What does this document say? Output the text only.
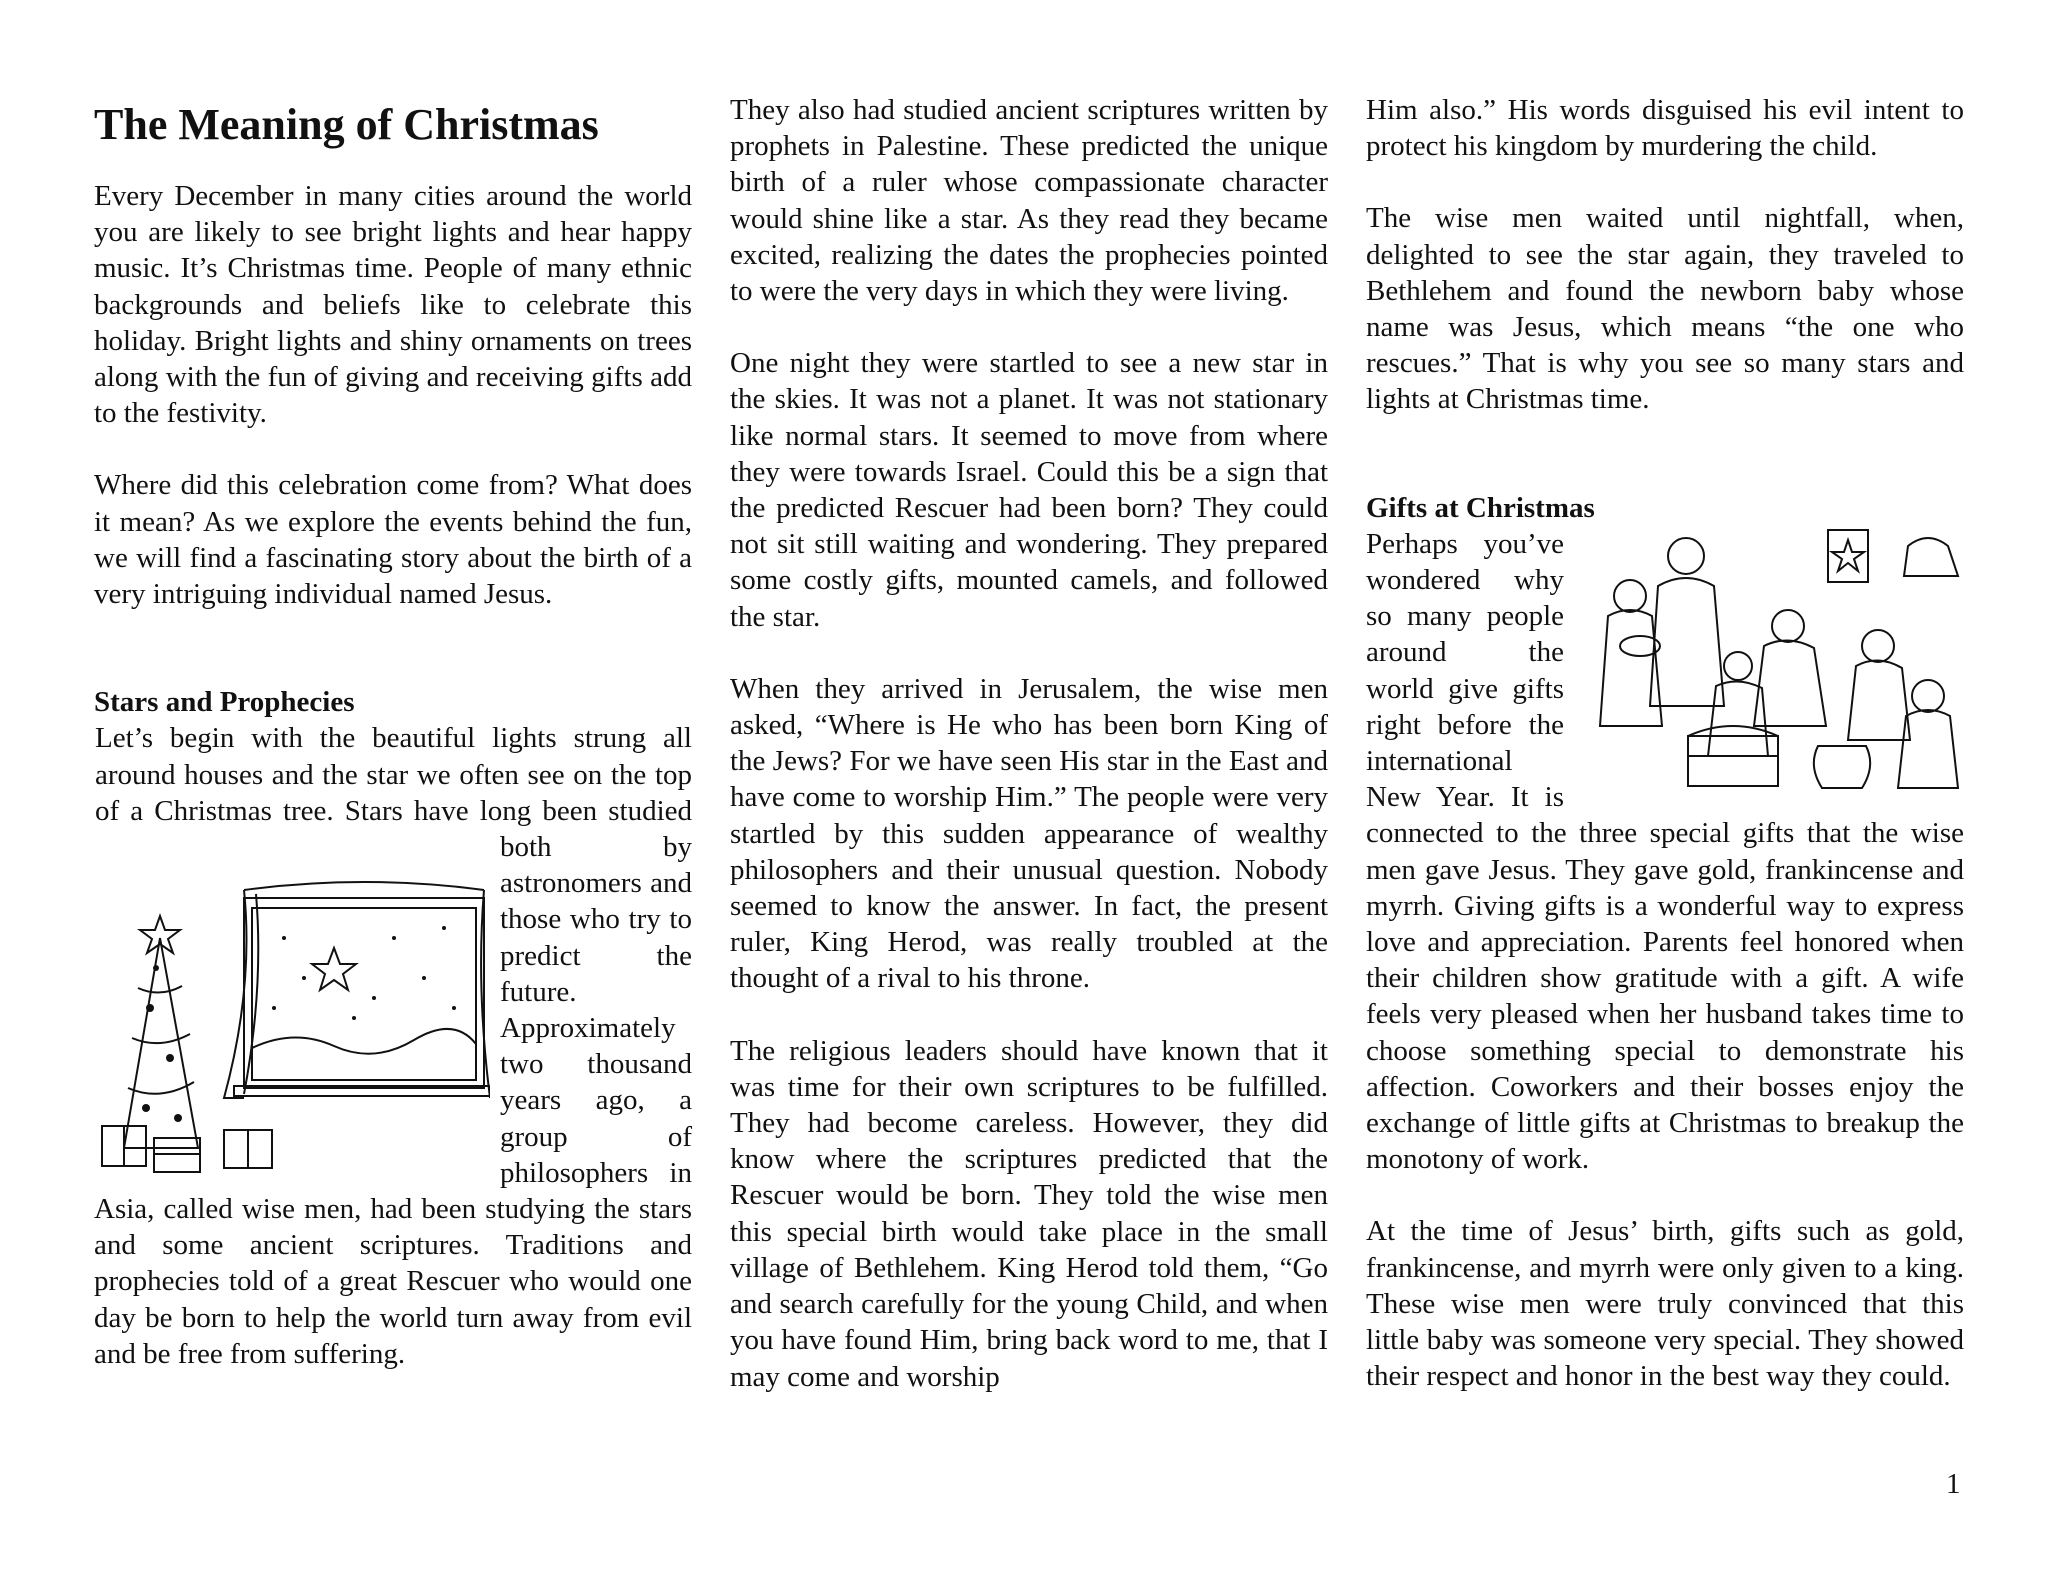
The Meaning of Christmas

Every December in many cities around the world you are likely to see bright lights and hear happy music. It’s Christmas time. People of many ethnic backgrounds and beliefs like to celebrate this holiday. Bright lights and shiny ornaments on trees along with the fun of giving and receiving gifts add to the festivity.

Where did this celebration come from? What does it mean? As we explore the events behind the fun, we will find a fascinating story about the birth of a very intriguing individual named Jesus.

Stars and Prophecies

Let’s begin with the beautiful lights strung all around houses and the star we often see on the top of a Christmas tree. Stars have long been studied both by astronomers and those who try to predict the future. Approximately two thousand years ago, a group of philosophers in Asia, called wise men, had been studying the stars and some ancient scriptures. Traditions and prophecies told of a great Rescuer who would one day be born to help the world turn away from evil and be free from suffering.

They also had studied ancient scriptures written by prophets in Palestine. These predicted the unique birth of a ruler whose compassionate character would shine like a star. As they read they became excited, realizing the dates the prophecies pointed to were the very days in which they were living.

One night they were startled to see a new star in the skies. It was not a planet. It was not stationary like normal stars. It seemed to move from where they were towards Israel. Could this be a sign that the predicted Rescuer had been born? They could not sit still waiting and wondering. They prepared some costly gifts, mounted camels, and followed the star.

When they arrived in Jerusalem, the wise men asked, “Where is He who has been born King of the Jews? For we have seen His star in the East and have come to worship Him.” The people were very startled by this sudden appearance of wealthy philosophers and their unusual question. Nobody seemed to know the answer. In fact, the present ruler, King Herod, was really troubled at the thought of a rival to his throne.

The religious leaders should have known that it was time for their own scriptures to be fulfilled. They had become careless. However, they did know where the scriptures predicted that the Rescuer would be born. They told the wise men this special birth would take place in the small village of Bethlehem. King Herod told them, “Go and search carefully for the young Child, and when you have found Him, bring back word to me, that I may come and worship

Him also.” His words disguised his evil intent to protect his kingdom by murdering the child.

The wise men waited until nightfall, when, delighted to see the star again, they traveled to Bethlehem and found the newborn baby whose name was Jesus, which means “the one who rescues.” That is why you see so many stars and lights at Christmas time.

Gifts at Christmas

Perhaps you’ve wondered why so many people around the world give gifts right before the international New Year. It is connected to the three special gifts that the wise men gave Jesus. They gave gold, frankincense and myrrh. Giving gifts is a wonderful way to express love and appreciation. Parents feel honored when their children show gratitude with a gift. A wife feels very pleased when her husband takes time to choose something special to demonstrate his affection. Coworkers and their bosses enjoy the exchange of little gifts at Christmas to breakup the monotony of work.

At the time of Jesus’ birth, gifts such as gold, frankincense, and myrrh were only given to a king. These wise men were truly convinced that this little baby was someone very special. They showed their respect and honor in the best way they could.

1
